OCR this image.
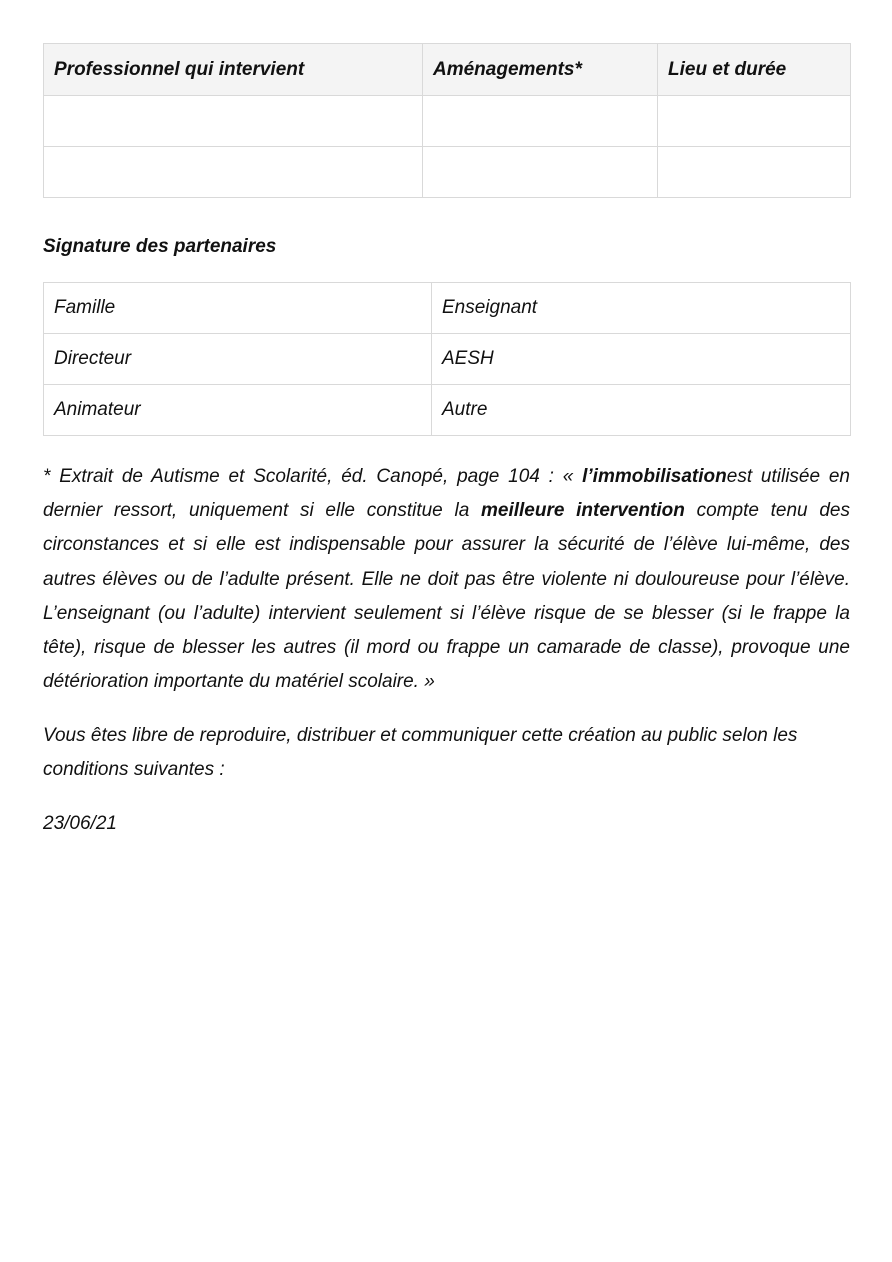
Professionnel qui intervient	Aménagements*	Lieu et durée

Signature des partenaires
Famille	Enseignant
Directeur	AESH
Animateur	Autre

* Extrait de Autisme et Scolarité, éd. Canopé, page 104 : « l’immobilisationest utilisée en dernier ressort, uniquement si elle constitue la meilleure intervention compte tenu des circonstances et si elle est indispensable pour assurer la sécurité de l’élève lui-même, des autres élèves ou de l’adulte présent. Elle ne doit pas être violente ni douloureuse pour l’élève. L’enseignant (ou l’adulte) intervient seulement si l’élève risque de se blesser (si le frappe la tête), risque de blesser les autres (il mord ou frappe un camarade de classe), provoque une détérioration importante du matériel scolaire. »

Vous êtes libre de reproduire, distribuer et communiquer cette création au public selon les conditions suivantes :

23/06/21
